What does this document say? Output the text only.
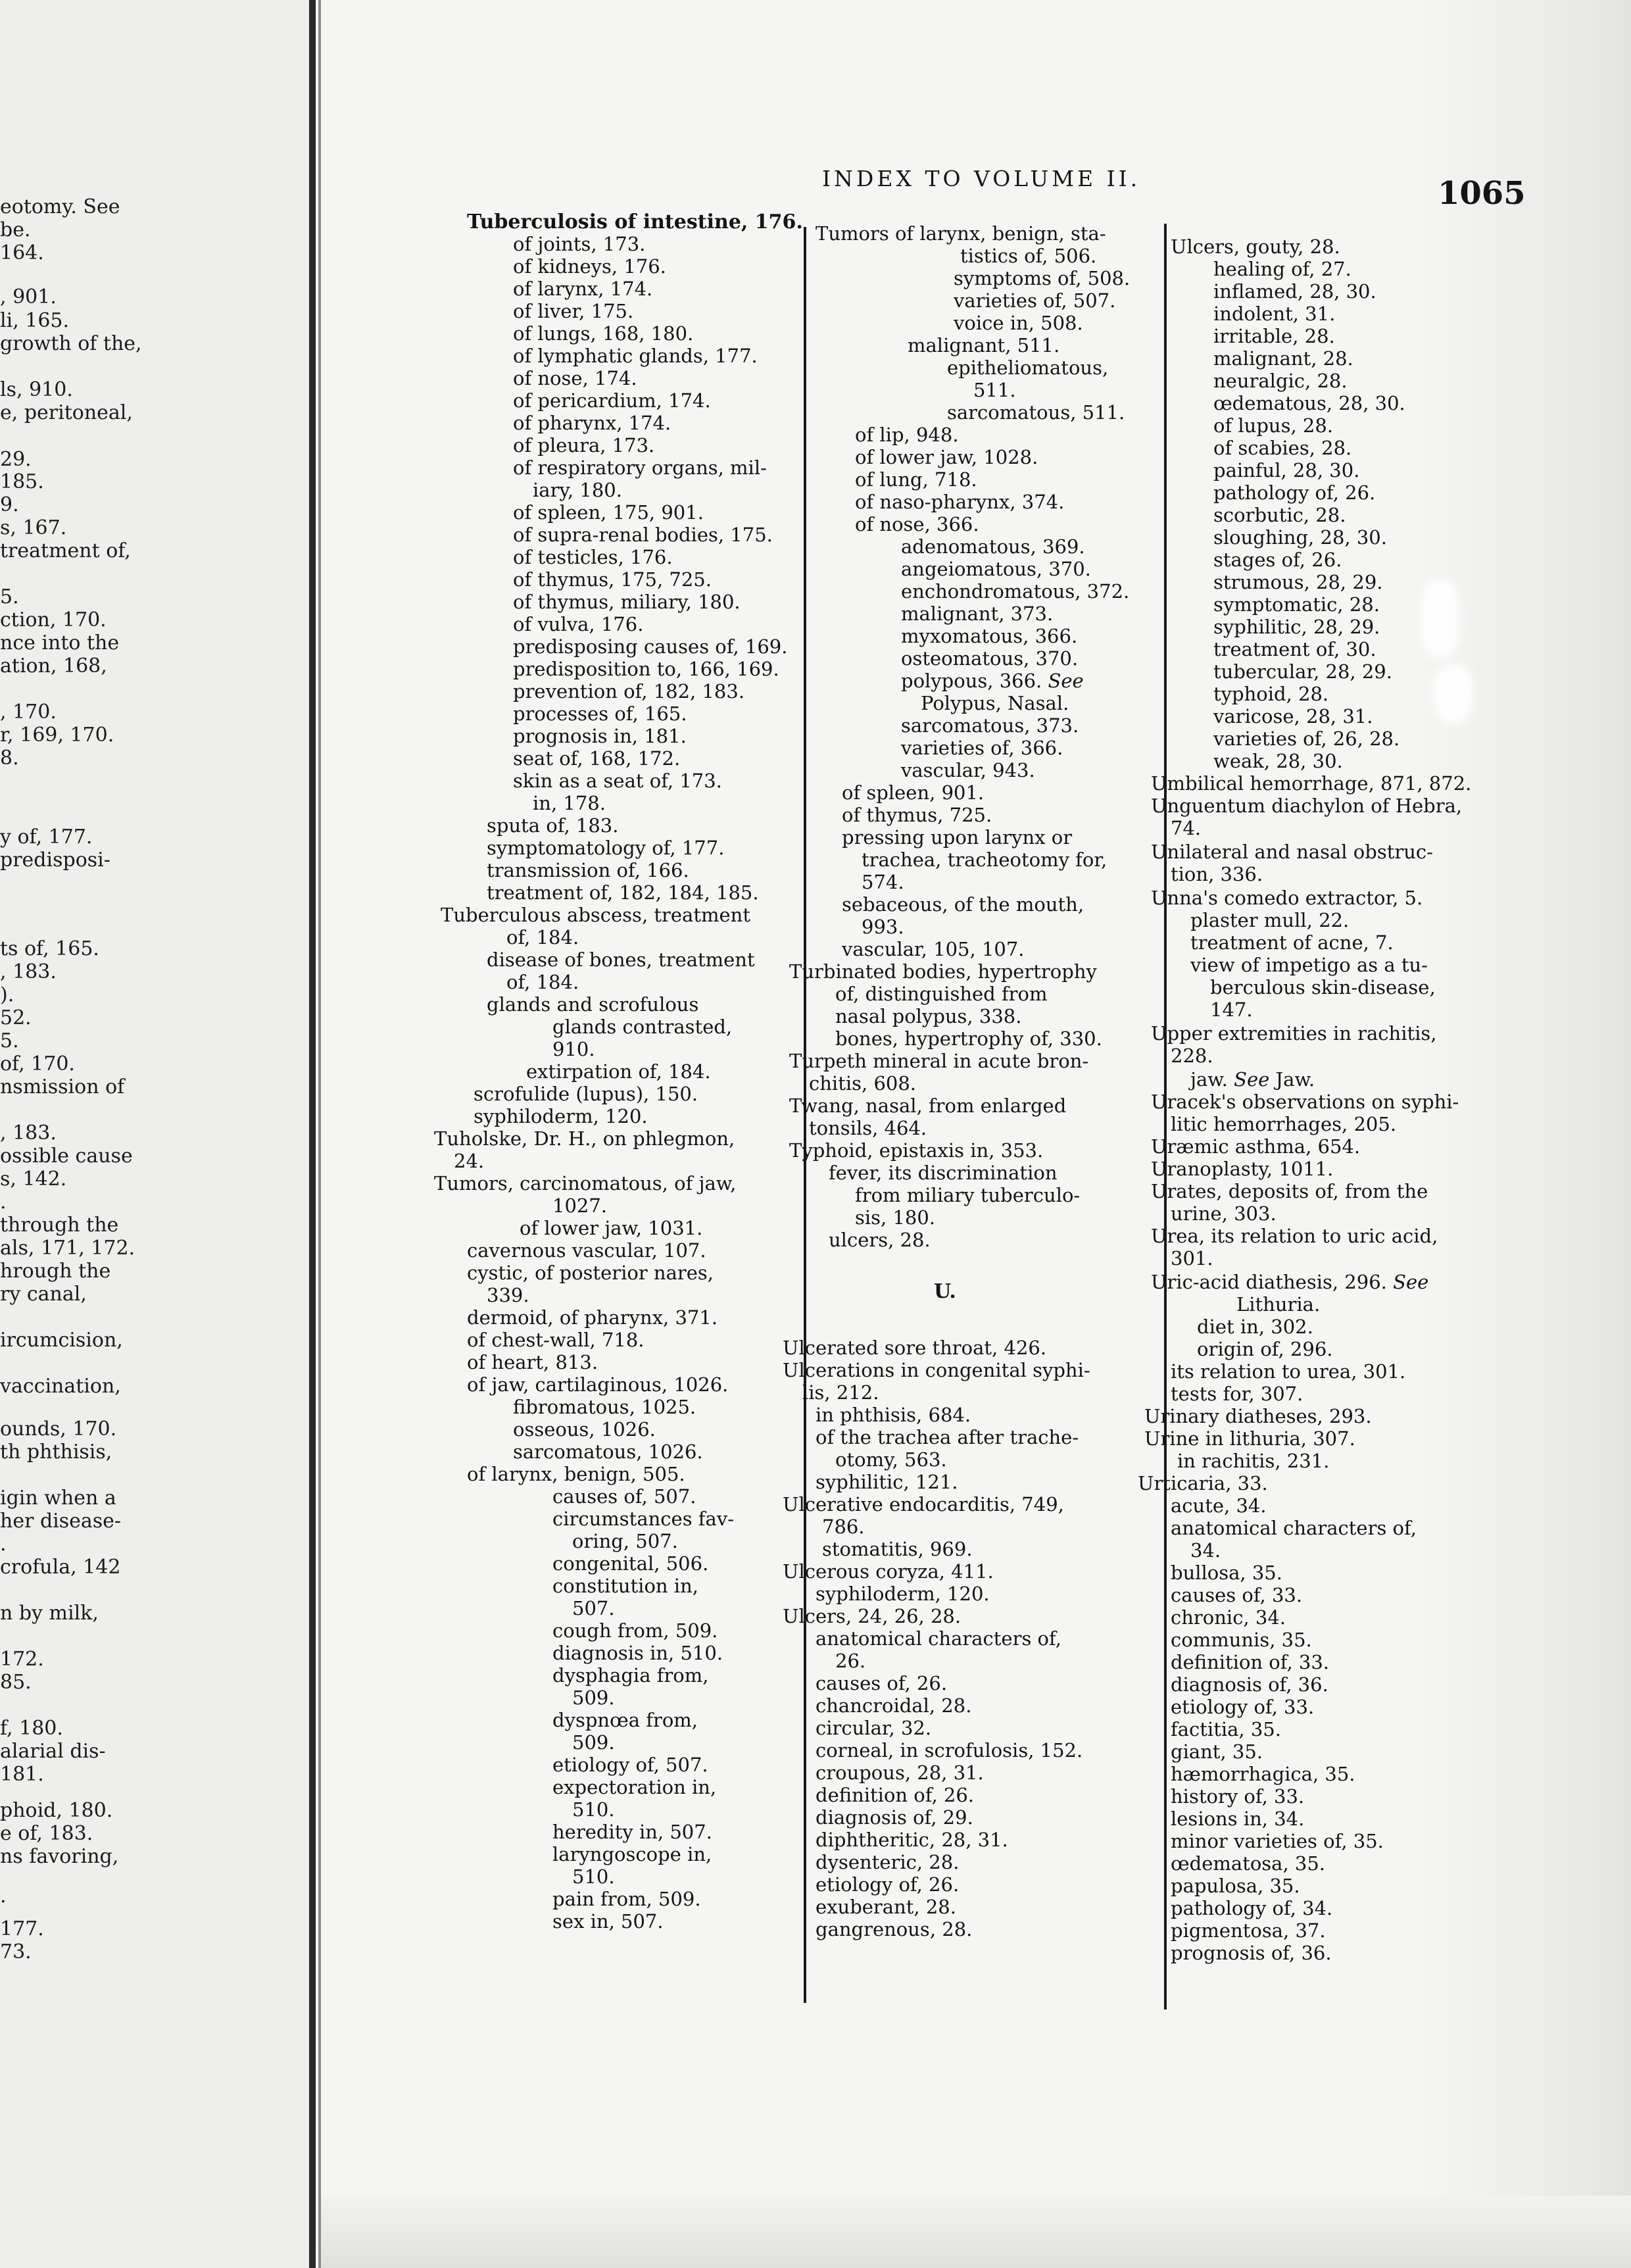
eotomy. See
be.
164.
, 901.
li, 165.
growth of the,
ls, 910.
e, peritoneal,
29.
185.
9.
s, 167.
treatment of,
5.
ction, 170.
nce into the
ation, 168,
, 170.
r, 169, 170.
8.
y of, 177.
predisposi-
ts of, 165.
, 183.
).
52.
5.
of, 170.
nsmission of
, 183.
ossible cause
s, 142.
.
through the
als, 171, 172.
hrough the
ry canal,
ircumcision,
vaccination,
ounds, 170.
th phthisis,
igin when a
her disease-
.
crofula, 142
n by milk,
172.
85.
f, 180.
alarial dis-
181.
phoid, 180.
e of, 183.
ns favoring,
.
177.
73.
INDEX TO VOLUME II.	1065
Tuberculosis of intestine, 176.
of joints, 173.
of kidneys, 176.
of larynx, 174.
of liver, 175.
of lungs, 168, 180.
of lymphatic glands, 177.
of nose, 174.
of pericardium, 174.
of pharynx, 174.
of pleura, 173.
of respiratory organs, mil-
iary, 180.
of spleen, 175, 901.
of supra-renal bodies, 175.
of testicles, 176.
of thymus, 175, 725.
of thymus, miliary, 180.
of vulva, 176.
predisposing causes of, 169.
predisposition to, 166, 169.
prevention of, 182, 183.
processes of, 165.
prognosis in, 181.
seat of, 168, 172.
skin as a seat of, 173.
in, 178.
sputa of, 183.
symptomatology of, 177.
transmission of, 166.
treatment of, 182, 184, 185.
Tuberculous abscess, treatment
of, 184.
disease of bones, treatment
of, 184.
glands and scrofulous
glands contrasted,
910.
extirpation of, 184.
scrofulide (lupus), 150.
syphiloderm, 120.
Tuholske, Dr. H., on phlegmon,
24.
Tumors, carcinomatous, of jaw,
1027.
of lower jaw, 1031.
cavernous vascular, 107.
cystic, of posterior nares,
339.
dermoid, of pharynx, 371.
of chest-wall, 718.
of heart, 813.
of jaw, cartilaginous, 1026.
fibromatous, 1025.
osseous, 1026.
sarcomatous, 1026.
of larynx, benign, 505.
causes of, 507.
circumstances fav-
oring, 507.
congenital, 506.
constitution in,
507.
cough from, 509.
diagnosis in, 510.
dysphagia from,
509.
dyspnœa from,
509.
etiology of, 507.
expectoration in,
510.
heredity in, 507.
laryngoscope in,
510.
pain from, 509.
sex in, 507.
Tumors of larynx, benign, sta-
tistics of, 506.
symptoms of, 508.
varieties of, 507.
voice in, 508.
malignant, 511.
epitheliomatous,
511.
sarcomatous, 511.
of lip, 948.
of lower jaw, 1028.
of lung, 718.
of naso-pharynx, 374.
of nose, 366.
adenomatous, 369.
angeiomatous, 370.
enchondromatous, 372.
malignant, 373.
myxomatous, 366.
osteomatous, 370.
polypous, 366. See
Polypus, Nasal.
sarcomatous, 373.
varieties of, 366.
vascular, 943.
of spleen, 901.
of thymus, 725.
pressing upon larynx or
trachea, tracheotomy for,
574.
sebaceous, of the mouth,
993.
vascular, 105, 107.
Turbinated bodies, hypertrophy
of, distinguished from
nasal polypus, 338.
bones, hypertrophy of, 330.
Turpeth mineral in acute bron-
chitis, 608.
Twang, nasal, from enlarged
tonsils, 464.
Typhoid, epistaxis in, 353.
fever, its discrimination
from miliary tuberculo-
sis, 180.
ulcers, 28.
U.
Ulcerated sore throat, 426.
Ulcerations in congenital syphi-
lis, 212.
in phthisis, 684.
of the trachea after trache-
otomy, 563.
syphilitic, 121.
Ulcerative endocarditis, 749,
786.
stomatitis, 969.
Ulcerous coryza, 411.
syphiloderm, 120.
Ulcers, 24, 26, 28.
anatomical characters of,
26.
causes of, 26.
chancroidal, 28.
circular, 32.
corneal, in scrofulosis, 152.
croupous, 28, 31.
definition of, 26.
diagnosis of, 29.
diphtheritic, 28, 31.
dysenteric, 28.
etiology of, 26.
exuberant, 28.
gangrenous, 28.
Ulcers, gouty, 28.
healing of, 27.
inflamed, 28, 30.
indolent, 31.
irritable, 28.
malignant, 28.
neuralgic, 28.
œdematous, 28, 30.
of lupus, 28.
of scabies, 28.
painful, 28, 30.
pathology of, 26.
scorbutic, 28.
sloughing, 28, 30.
stages of, 26.
strumous, 28, 29.
symptomatic, 28.
syphilitic, 28, 29.
treatment of, 30.
tubercular, 28, 29.
typhoid, 28.
varicose, 28, 31.
varieties of, 26, 28.
weak, 28, 30.
Umbilical hemorrhage, 871, 872.
Unguentum diachylon of Hebra,
74.
Unilateral and nasal obstruc-
tion, 336.
Unna's comedo extractor, 5.
plaster mull, 22.
treatment of acne, 7.
view of impetigo as a tu-
berculous skin-disease,
147.
Upper extremities in rachitis,
228.
jaw. See Jaw.
Uracek's observations on syphi-
litic hemorrhages, 205.
Uræmic asthma, 654.
Uranoplasty, 1011.
Urates, deposits of, from the
urine, 303.
Urea, its relation to uric acid,
301.
Uric-acid diathesis, 296. See
Lithuria.
diet in, 302.
origin of, 296.
its relation to urea, 301.
tests for, 307.
Urinary diatheses, 293.
Urine in lithuria, 307.
in rachitis, 231.
Urticaria, 33.
acute, 34.
anatomical characters of,
34.
bullosa, 35.
causes of, 33.
chronic, 34.
communis, 35.
definition of, 33.
diagnosis of, 36.
etiology of, 33.
factitia, 35.
giant, 35.
hæmorrhagica, 35.
history of, 33.
lesions in, 34.
minor varieties of, 35.
œdematosa, 35.
papulosa, 35.
pathology of, 34.
pigmentosa, 37.
prognosis of, 36.
